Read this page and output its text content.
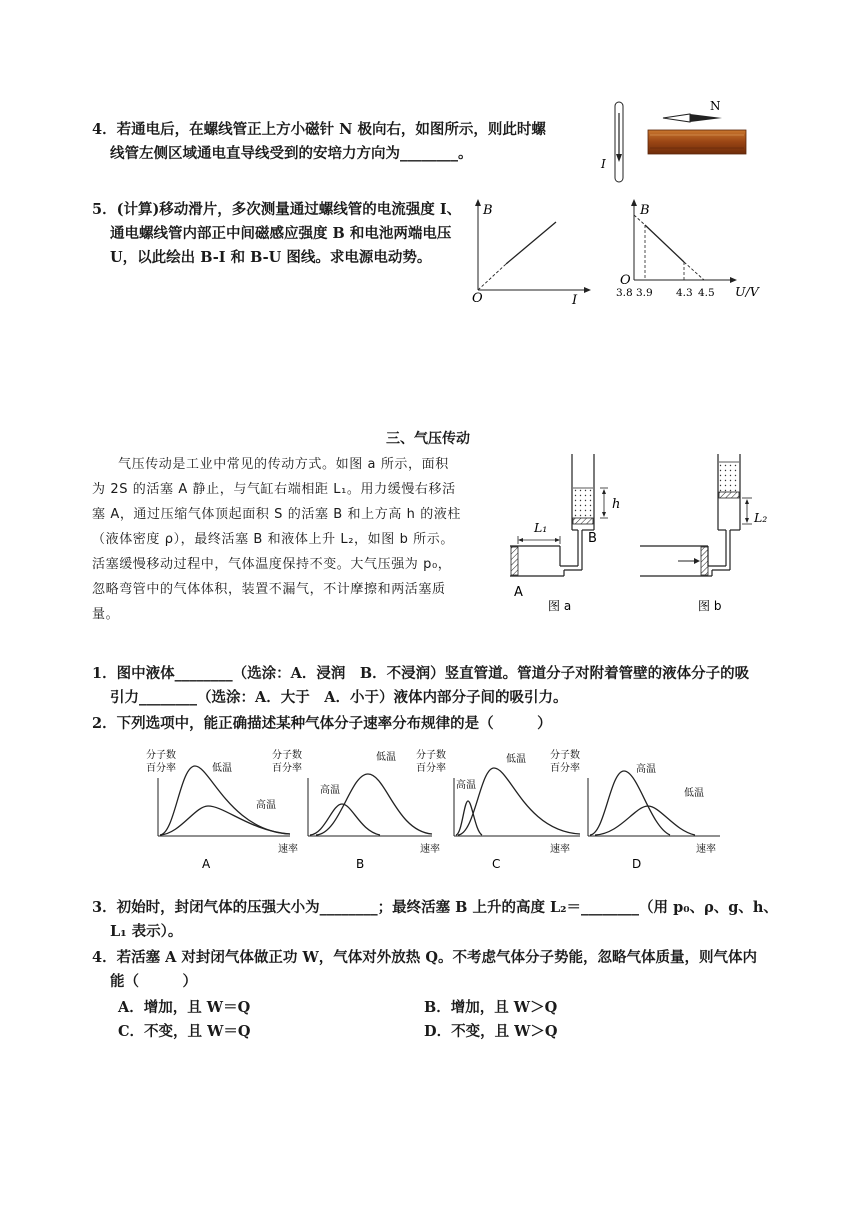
4．若通电后，在螺线管正上方小磁针 N 极向右，如图所示，则此时螺
线管左侧区域通电直导线受到的安培力方向为________。
I
N
5．(计算)移动滑片，多次测量通过螺线管的电流强度 I、
通电螺线管内部正中间磁感应强度 B 和电池两端电压
U，以此绘出 B-I 和 B-U 图线。求电源电动势。
B
O	I
B
O
3.8 3.9 4.3 4.5 U/V
三、气压传动
气压传动是工业中常见的传动方式。如图 a 所示，面积
为 2S 的活塞 A 静止，与气缸右端相距 L₁。用力缓慢右移活
塞 A，通过压缩气体顶起面积 S 的活塞 B 和上方高 h 的液柱
（液体密度 ρ），最终活塞 B 和液体上升 L₂，如图 b 所示。
活塞缓慢移动过程中，气体温度保持不变。大气压强为 p₀，
忽略弯管中的气体体积，装置不漏气，不计摩擦和两活塞质
量。
h
L₁
B
A
图 a
L₂
图 b
1．图中液体________（选涂：A．浸润　B．不浸润）竖直管道。管道分子对附着管壁的液体分子的吸
引力________（选涂：A．大于　A．小于）液体内部分子间的吸引力。
2．下列选项中，能正确描述某种气体分子速率分布规律的是（　　　）
分子数
百分率	低温
高温
速率
A
分子数
百分率
高温
低温
速率
B
分子数
百分率
高温
低温
速率
C
分子数
百分率	高温
低温
速率
D
3．初始时，封闭气体的压强大小为________；最终活塞 B 上升的高度 L₂＝________（用 p₀、ρ、g、h、
L₁ 表示）。
4．若活塞 A 对封闭气体做正功 W，气体对外放热 Q。不考虑气体分子势能，忽略气体质量，则气体内
能（　　　）
A．增加，且 W＝Q	B．增加，且 W＞Q
C．不变，且 W＝Q	D．不变，且 W＞Q
